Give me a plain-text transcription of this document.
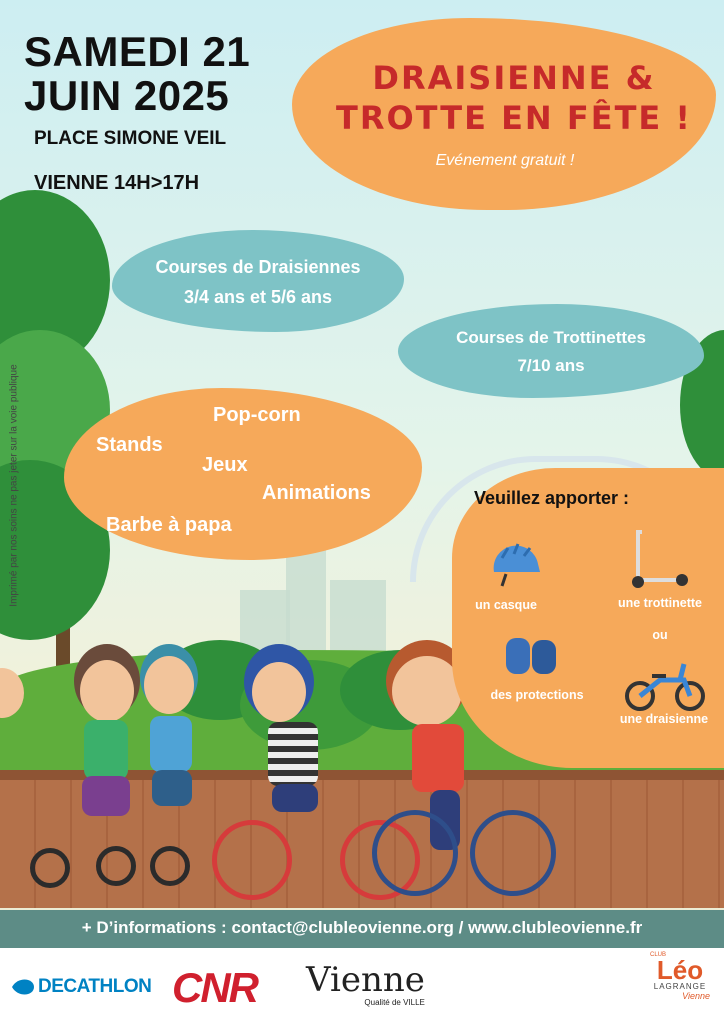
SAMEDI 21
JUIN 2025
PLACE SIMONE VEIL
VIENNE 14H>17H
DRAISIENNE &
TROTTE EN FÊTE !
Evénement gratuit !
Courses de Draisiennes
3/4 ans et 5/6 ans
Courses de Trottinettes
7/10 ans
Pop-corn
Stands
Jeux
Animations
Barbe à papa
Veuillez apporter :
un casque	une trottinette
ou
des protections
une draisienne
Imprimé par nos soins ne pas jeter sur la voie publique
+ D’informations : contact@clubleovienne.org / www.clubleovienne.fr
DECATHLON CNR Vienne
Qualité de VILLE
CLUB
Léo
LAGRANGE
Vienne
